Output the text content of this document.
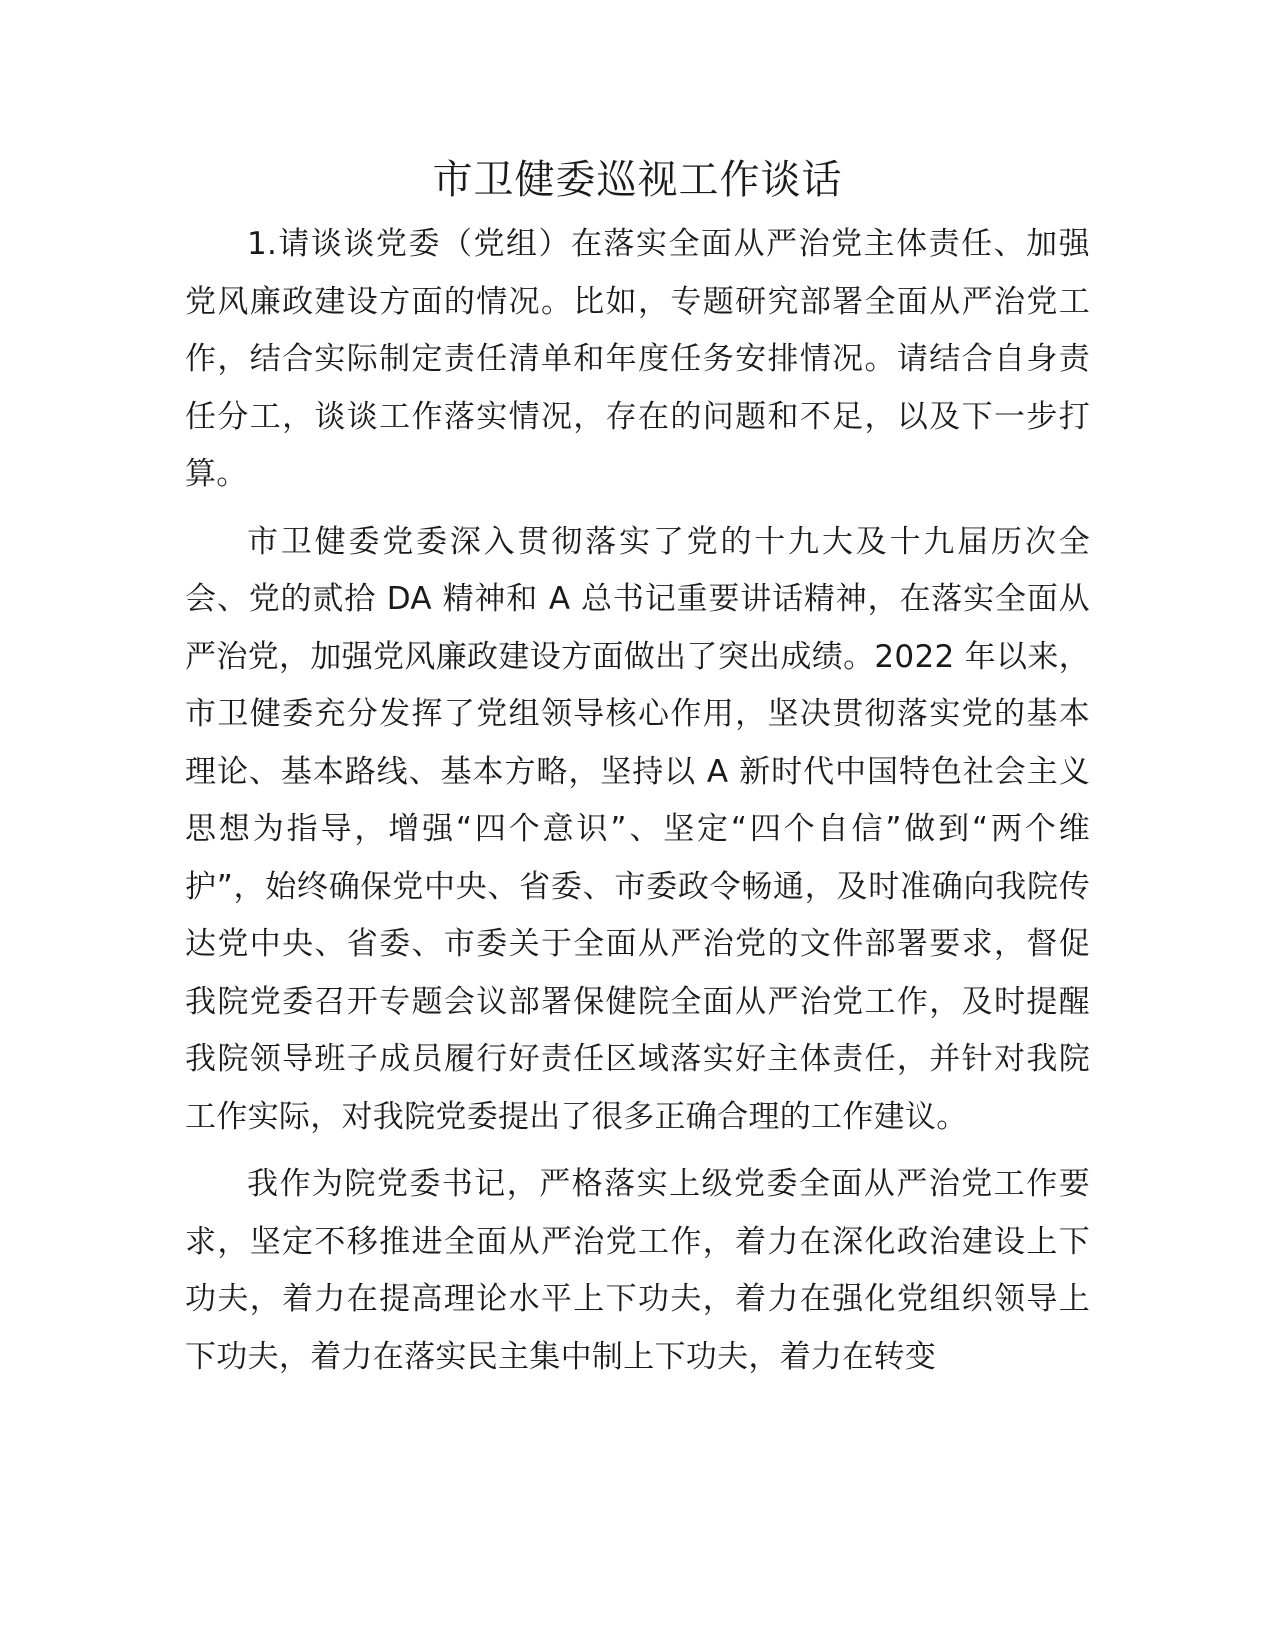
市卫健委巡视工作谈话

1.请谈谈党委（党组）在落实全面从严治党主体责任、加强党风廉政建设方面的情况。比如，专题研究部署全面从严治党工作，结合实际制定责任清单和年度任务安排情况。请结合自身责任分工，谈谈工作落实情况，存在的问题和不足，以及下一步打算。

市卫健委党委深入贯彻落实了党的十九大及十九届历次全会、党的贰拾 DA 精神和 A 总书记重要讲话精神，在落实全面从严治党，加强党风廉政建设方面做出了突出成绩。2022 年以来，市卫健委充分发挥了党组领导核心作用，坚决贯彻落实党的基本理论、基本路线、基本方略，坚持以 A 新时代中国特色社会主义思想为指导，增强“四个意识”、坚定“四个自信”做到“两个维护”，始终确保党中央、省委、市委政令畅通，及时准确向我院传达党中央、省委、市委关于全面从严治党的文件部署要求，督促我院党委召开专题会议部署保健院全面从严治党工作，及时提醒我院领导班子成员履行好责任区域落实好主体责任，并针对我院工作实际，对我院党委提出了很多正确合理的工作建议。

我作为院党委书记，严格落实上级党委全面从严治党工作要求，坚定不移推进全面从严治党工作，着力在深化政治建设上下功夫，着力在提高理论水平上下功夫，着力在强化党组织领导上下功夫，着力在落实民主集中制上下功夫，着力在转变
